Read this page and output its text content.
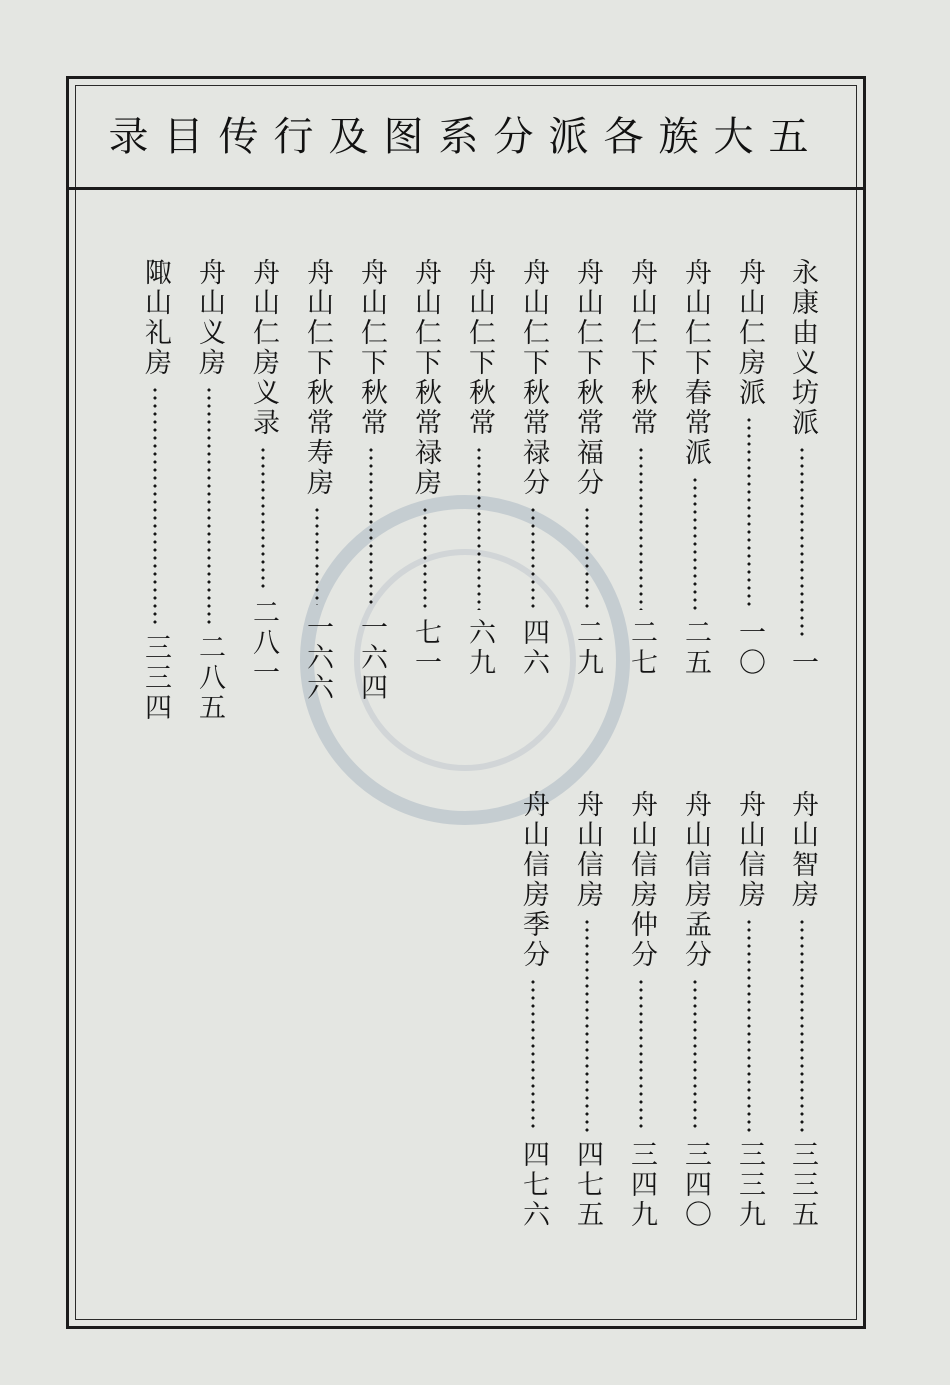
录目传行及图系分派各族大五
永康由义坊派
一
舟山仁房派
一〇
舟山仁下春常派
二五
舟山仁下秋常
二七
舟山仁下秋常福分
二九
舟山仁下秋常禄分
四六
舟山仁下秋常
六九
舟山仁下秋常禄房
七一
舟山仁下秋常
一六四
舟山仁下秋常寿房
一六六
舟山仁房义录
二八一
舟山义房
二八五
陬山礼房
三三四
舟山智房
三三五
舟山信房
三三九
舟山信房孟分
三四〇
舟山信房仲分
三四九
舟山信房
四七五
舟山信房季分
四七六
